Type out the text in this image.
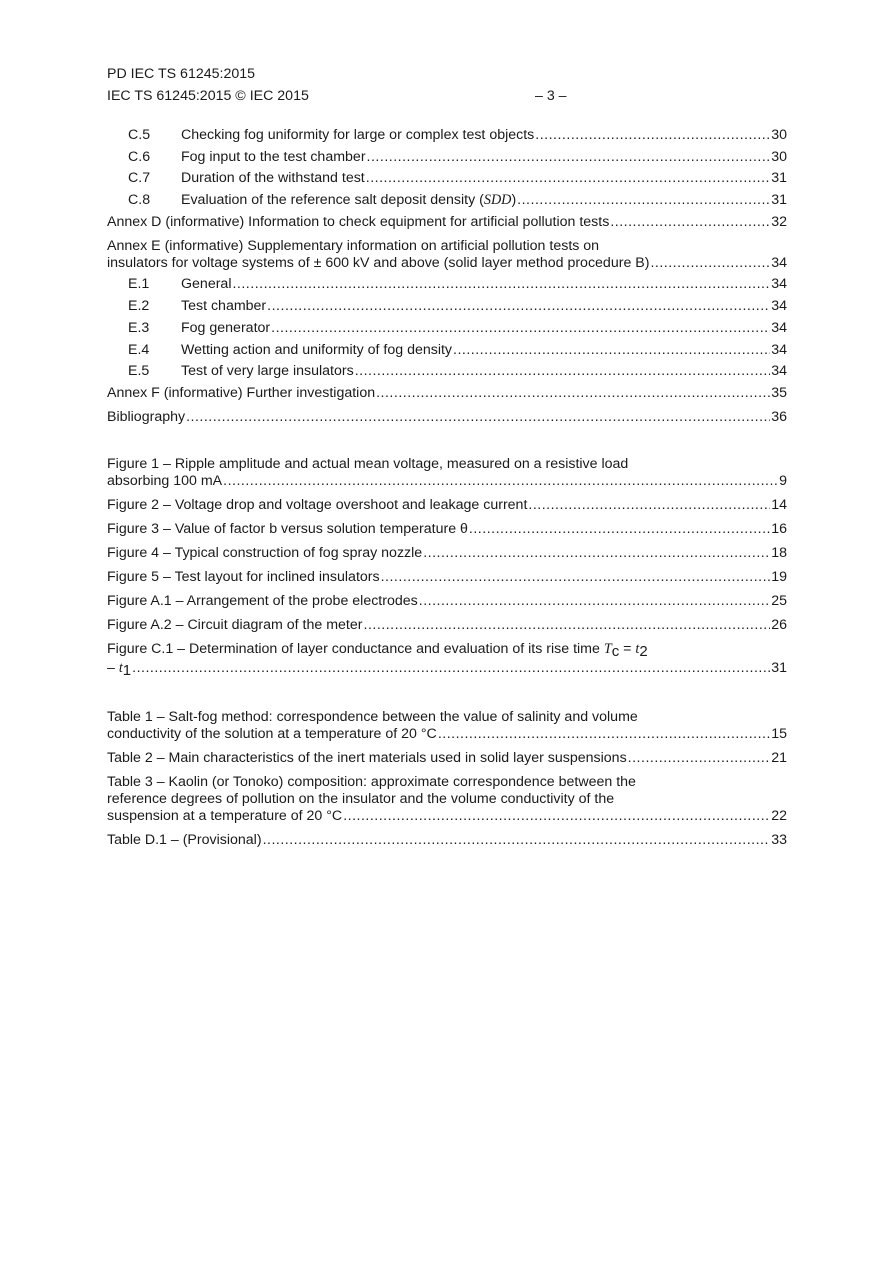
PD IEC TS 61245:2015
IEC TS 61245:2015 © IEC 2015	– 3 –
C.5	Checking fog uniformity for large or complex test objects .....	30
C.6	Fog input to the test chamber .....	30
C.7	Duration of the withstand test .....	31
C.8	Evaluation of the reference salt deposit density (SDD) .....	31
Annex D (informative) Information to check equipment for artificial pollution tests .....	32
Annex E (informative) Supplementary information on artificial pollution tests on
insulators for voltage systems of ± 600 kV and above (solid layer method procedure B) .....	34
E.1	General .....	34
E.2	Test chamber .....	34
E.3	Fog generator .....	34
E.4	Wetting action and uniformity of fog density .....	34
E.5	Test of very large insulators .....	34
Annex F (informative) Further investigation .....	35
Bibliography .....	36
Figure 1 – Ripple amplitude and actual mean voltage, measured on a resistive load
absorbing 100 mA .....	9
Figure 2 – Voltage drop and voltage overshoot and leakage current .....	14
Figure 3 – Value of factor b versus solution temperature θ .....	16
Figure 4 – Typical construction of fog spray nozzle .....	18
Figure 5 – Test layout for inclined insulators .....	19
Figure A.1 – Arrangement of the probe electrodes .....	25
Figure A.2 – Circuit diagram of the meter .....	26
Figure C.1 – Determination of layer conductance and evaluation of its rise time Tc = t2
– t1 .....	31
Table 1 – Salt-fog method: correspondence between the value of salinity and volume
conductivity of the solution at a temperature of 20 °C .....	15
Table 2 – Main characteristics of the inert materials used in solid layer suspensions .....	21
Table 3 – Kaolin (or Tonoko) composition: approximate correspondence between the
reference degrees of pollution on the insulator and the volume conductivity of the
suspension at a temperature of 20 °C .....	22
Table D.1 – (Provisional) .....	33
